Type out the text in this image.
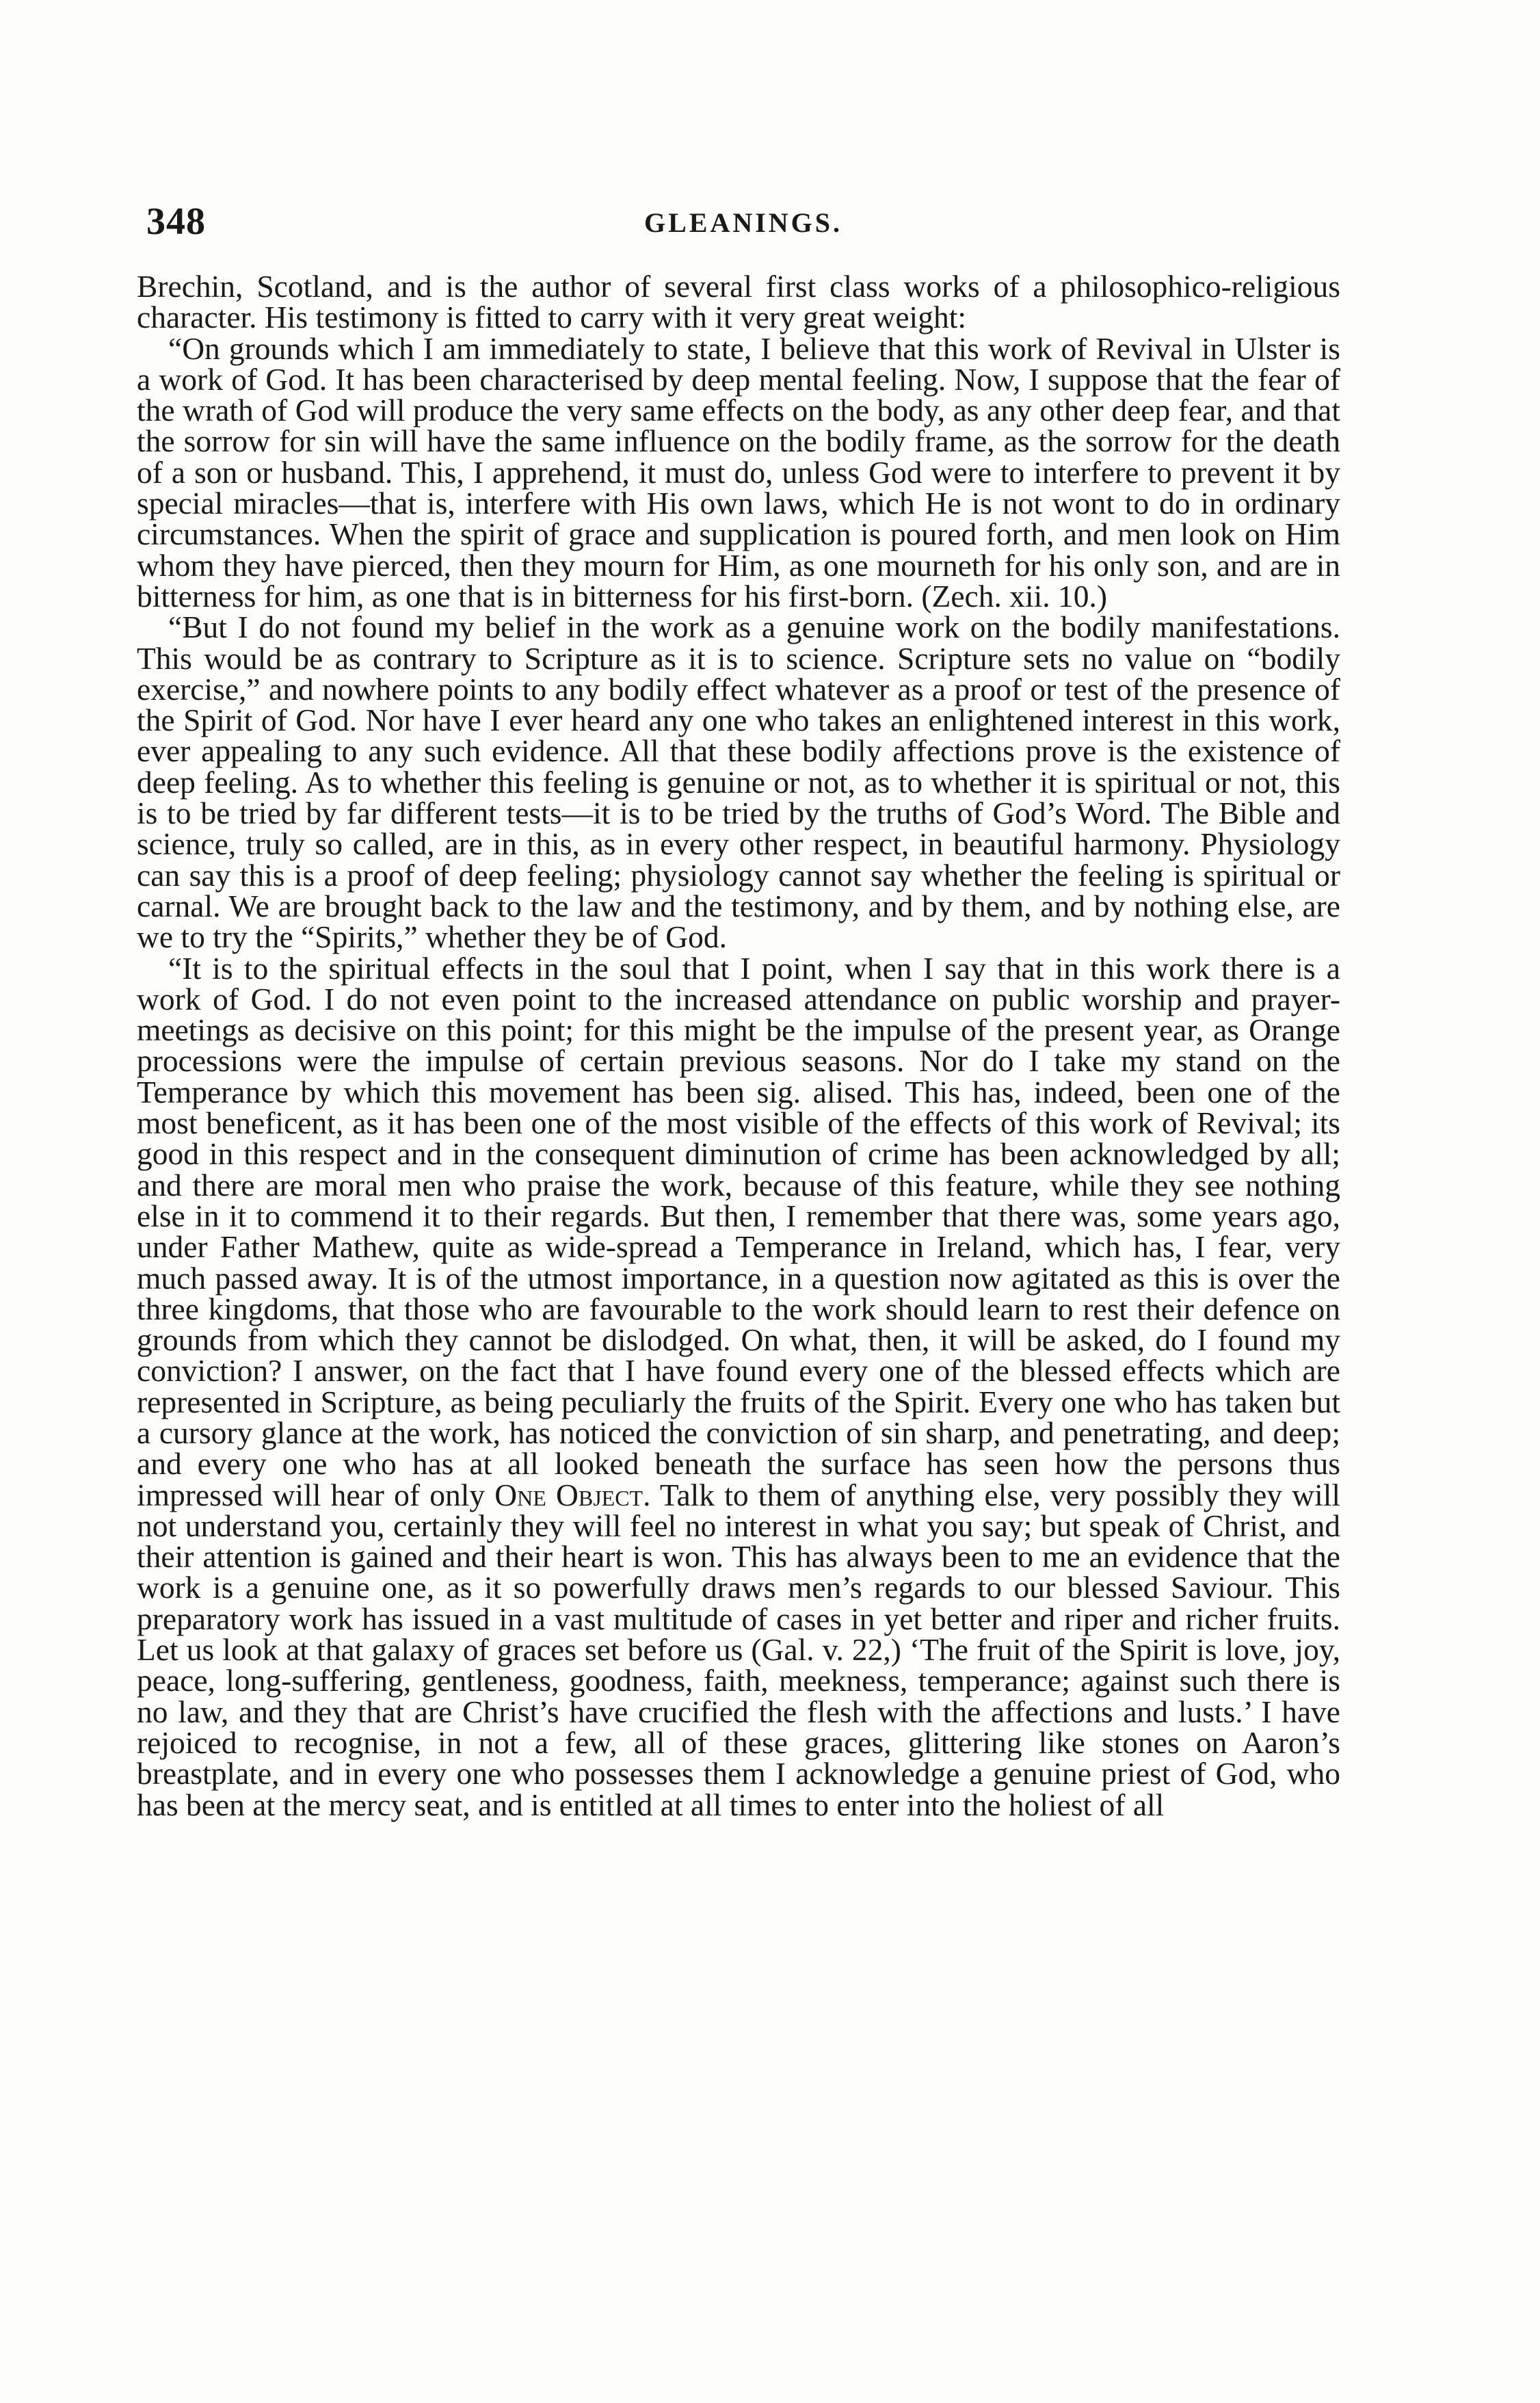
348	GLEANINGS.

Brechin, Scotland, and is the author of several first class works of a philosophico-religious character. His testimony is fitted to carry with it very great weight:

“On grounds which I am immediately to state, I believe that this work of Revival in Ulster is a work of God. It has been characterised by deep mental feeling. Now, I suppose that the fear of the wrath of God will produce the very same effects on the body, as any other deep fear, and that the sorrow for sin will have the same influence on the bodily frame, as the sorrow for the death of a son or husband. This, I apprehend, it must do, unless God were to interfere to prevent it by special miracles—that is, interfere with His own laws, which He is not wont to do in ordinary circumstances. When the spirit of grace and supplication is poured forth, and men look on Him whom they have pierced, then they mourn for Him, as one mourneth for his only son, and are in bitterness for him, as one that is in bitterness for his first-born. (Zech. xii. 10.)

“But I do not found my belief in the work as a genuine work on the bodily manifestations. This would be as contrary to Scripture as it is to science. Scripture sets no value on “bodily exercise,” and nowhere points to any bodily effect whatever as a proof or test of the presence of the Spirit of God. Nor have I ever heard any one who takes an enlightened interest in this work, ever appealing to any such evidence. All that these bodily affections prove is the existence of deep feeling. As to whether this feeling is genuine or not, as to whether it is spiritual or not, this is to be tried by far different tests—it is to be tried by the truths of God’s Word. The Bible and science, truly so called, are in this, as in every other respect, in beautiful harmony. Physiology can say this is a proof of deep feeling; physiology cannot say whether the feeling is spiritual or carnal. We are brought back to the law and the testimony, and by them, and by nothing else, are we to try the “Spirits,” whether they be of God.

“It is to the spiritual effects in the soul that I point, when I say that in this work there is a work of God. I do not even point to the increased attendance on public worship and prayer-meetings as decisive on this point; for this might be the impulse of the present year, as Orange processions were the impulse of certain previous seasons. Nor do I take my stand on the Temperance by which this movement has been sig. alised. This has, indeed, been one of the most beneficent, as it has been one of the most visible of the effects of this work of Revival; its good in this respect and in the consequent diminution of crime has been acknowledged by all; and there are moral men who praise the work, because of this feature, while they see nothing else in it to commend it to their regards. But then, I remember that there was, some years ago, under Father Mathew, quite as wide-spread a Temperance in Ireland, which has, I fear, very much passed away. It is of the utmost importance, in a question now agitated as this is over the three kingdoms, that those who are favourable to the work should learn to rest their defence on grounds from which they cannot be dislodged. On what, then, it will be asked, do I found my conviction? I answer, on the fact that I have found every one of the blessed effects which are represented in Scripture, as being peculiarly the fruits of the Spirit. Every one who has taken but a cursory glance at the work, has noticed the conviction of sin sharp, and penetrating, and deep; and every one who has at all looked beneath the surface has seen how the persons thus impressed will hear of only One Object. Talk to them of anything else, very possibly they will not understand you, certainly they will feel no interest in what you say; but speak of Christ, and their attention is gained and their heart is won. This has always been to me an evidence that the work is a genuine one, as it so powerfully draws men’s regards to our blessed Saviour. This preparatory work has issued in a vast multitude of cases in yet better and riper and richer fruits. Let us look at that galaxy of graces set before us (Gal. v. 22,) ‘The fruit of the Spirit is love, joy, peace, long-suffering, gentleness, goodness, faith, meekness, temperance; against such there is no law, and they that are Christ’s have crucified the flesh with the affections and lusts.’ I have rejoiced to recognise, in not a few, all of these graces, glittering like stones on Aaron’s breastplate, and in every one who possesses them I acknowledge a genuine priest of God, who has been at the mercy seat, and is entitled at all times to enter into the holiest of all
